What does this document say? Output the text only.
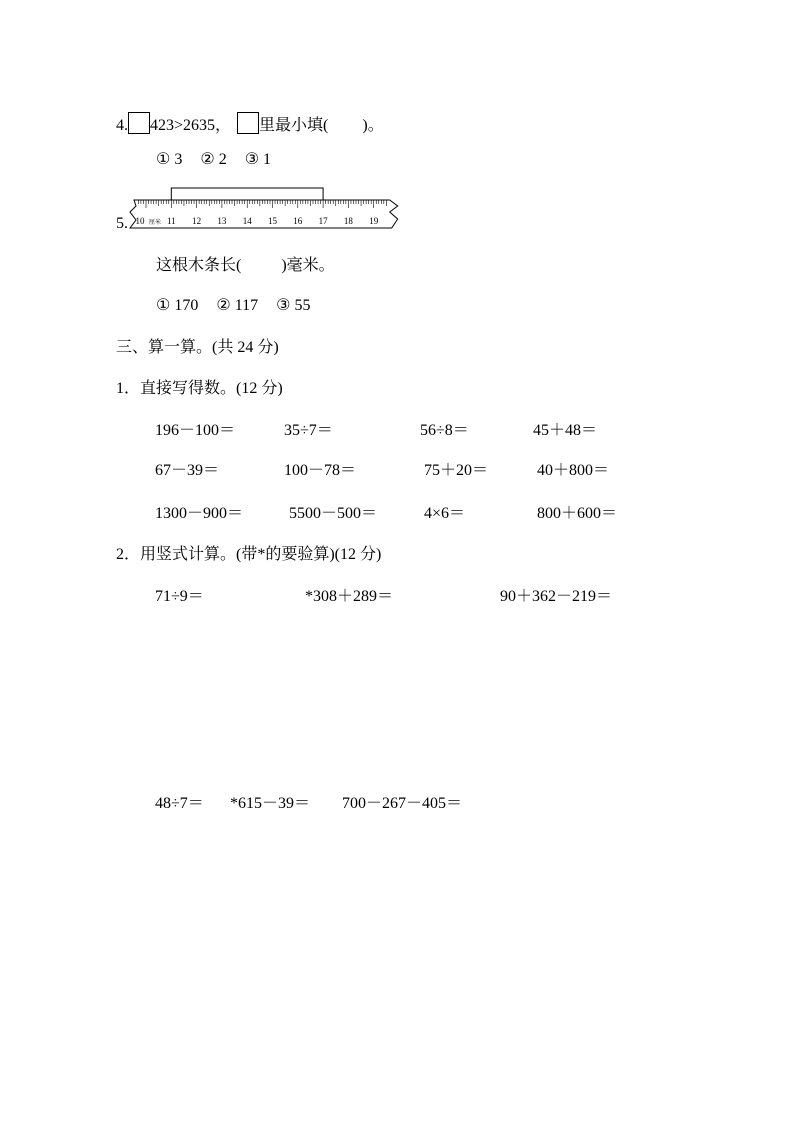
4. 423>2635， 里最小填( )。
① 3 ② 2 ③ 1
5. 10 11 12 13 14 15 16 17 18 19
厘米
这根木条长(	)毫米。
① 170 ② 117 ③ 55
三、算一算。(共 24 分)
1．直接写得数。(12 分)
196－100＝	35÷7＝	56÷8＝	45＋48＝
67－39＝	100－78＝	75＋20＝	40＋800＝
1300－900＝	5500－500＝	4×6＝	800＋600＝
2．用竖式计算。(带*的要验算)(12 分)
71÷9＝	*308＋289＝	90＋362－219＝
48÷7＝ *615－39＝ 700－267－405＝
